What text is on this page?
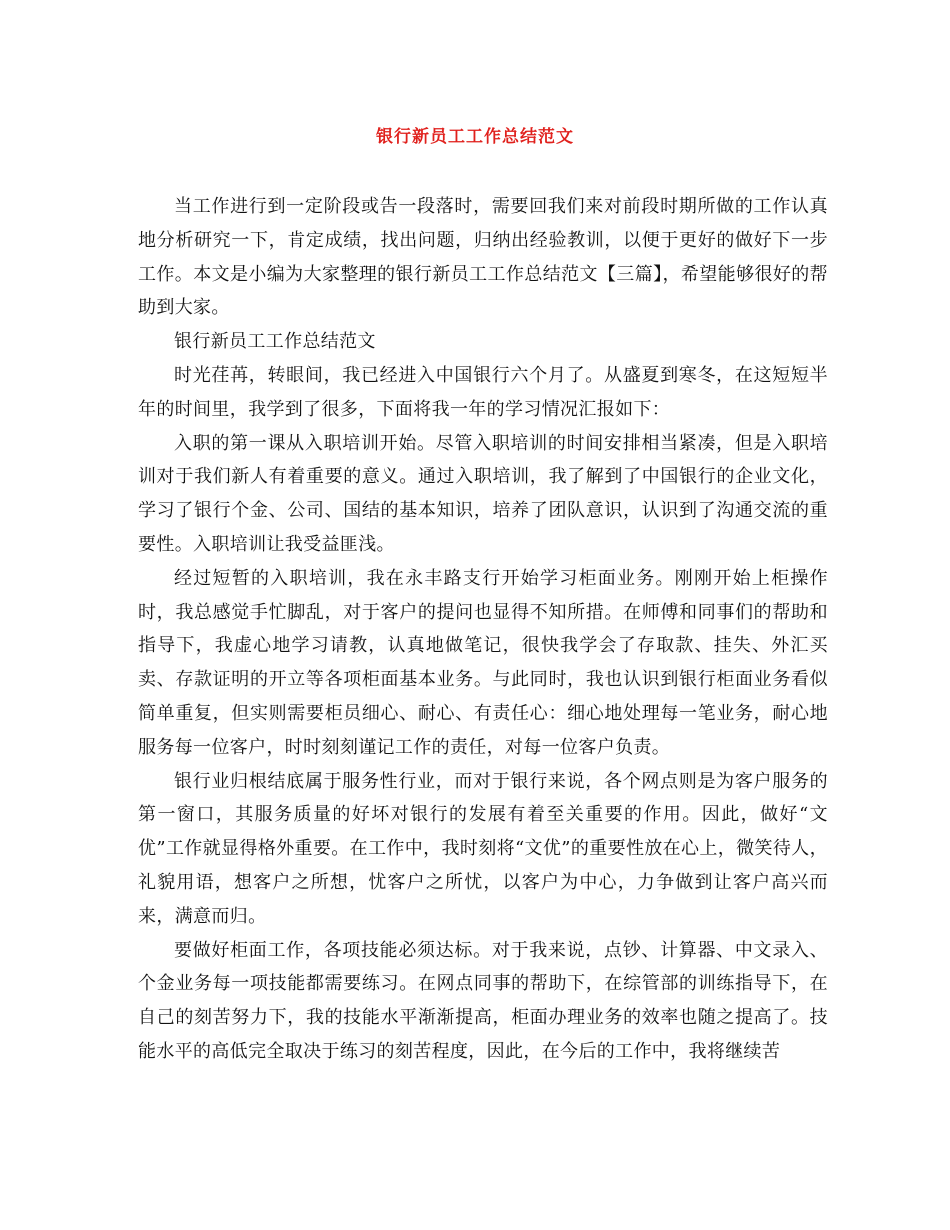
银行新员工工作总结范文

当工作进行到一定阶段或告一段落时，需要回我们来对前段时期所做的工作认真地分析研究一下，肯定成绩，找出问题，归纳出经验教训，以便于更好的做好下一步工作。本文是小编为大家整理的银行新员工工作总结范文【三篇】，希望能够很好的帮助到大家。

银行新员工工作总结范文

时光荏苒，转眼间，我已经进入中国银行六个月了。从盛夏到寒冬，在这短短半年的时间里，我学到了很多，下面将我一年的学习情况汇报如下：

入职的第一课从入职培训开始。尽管入职培训的时间安排相当紧凑，但是入职培训对于我们新人有着重要的意义。通过入职培训，我了解到了中国银行的企业文化，学习了银行个金、公司、国结的基本知识，培养了团队意识，认识到了沟通交流的重要性。入职培训让我受益匪浅。

经过短暂的入职培训，我在永丰路支行开始学习柜面业务。刚刚开始上柜操作时，我总感觉手忙脚乱，对于客户的提问也显得不知所措。在师傅和同事们的帮助和指导下，我虚心地学习请教，认真地做笔记，很快我学会了存取款、挂失、外汇买卖、存款证明的开立等各项柜面基本业务。与此同时，我也认识到银行柜面业务看似简单重复，但实则需要柜员细心、耐心、有责任心：细心地处理每一笔业务，耐心地服务每一位客户，时时刻刻谨记工作的责任，对每一位客户负责。

银行业归根结底属于服务性行业，而对于银行来说，各个网点则是为客户服务的第一窗口，其服务质量的好坏对银行的发展有着至关重要的作用。因此，做好“文优”工作就显得格外重要。在工作中，我时刻将“文优”的重要性放在心上，微笑待人，礼貌用语，想客户之所想，忧客户之所忧，以客户为中心，力争做到让客户高兴而来，满意而归。

要做好柜面工作，各项技能必须达标。对于我来说，点钞、计算器、中文录入、个金业务每一项技能都需要练习。在网点同事的帮助下，在综管部的训练指导下，在自己的刻苦努力下，我的技能水平渐渐提高，柜面办理业务的效率也随之提高了。技能水平的高低完全取决于练习的刻苦程度，因此，在今后的工作中，我将继续苦
